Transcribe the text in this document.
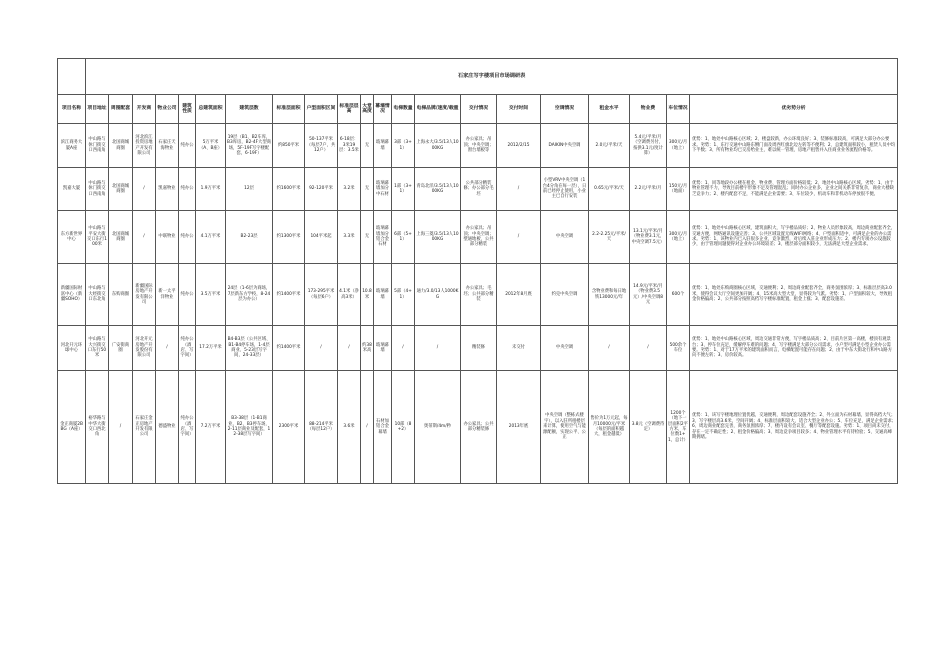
	石家庄写字楼项目市场调研表																				
项目名称	项目地址	周围配套	开发商	物业公司	建筑性质	总建筑面积	建筑层数	标准层面积	户型面积区间	标准层层高	大堂高度	幕墙情况	电梯数量	电梯品牌/速度/载重	交付情况	交付时间	空调情况	租金水平	物业费	车位情况	优劣势分析
滨江商务大厦A座	中山路与休门街交口西南角	北国商城商圈	河北滨江投资房地产开发有限公司	石家庄天海物业	纯办公	5万平米（A、B座）	19层（B1、B2车库，B3库房，B2-4F大型商场，5F-19F写字楼配套，6-19F）	约850平米	50-137平米（每层7户，共12户）	6-18层：3米19层：3.5米	无	玻璃幕墙	3部（3+1）	上海永大/3.5/13人1000KG	办公家具；吊顶；中央空调；窗台墙板等	2012/2/15	DAIKIN中央空调	2.0元/平米/天	5.4元/平米/月（空调费另付，按供3.1元/度计算）	300元/月（地上）	优势：1、地处中山路核心区域；2、楼盘较新，办公环境良好；3、装修标准较高，可满足大部分办公要求。劣势：1、东行交通中山路东侧门面及周西红旗北边左转等不便利；2、总建筑面积较小，租赁人员中均下半数；3、所有物业均已交房给业主，难以统一管理，房地产租售并入住商业业务流程价格等。
凯嘉大厦	中山路与休门街交口西南角	北国商城商圈	/	凯嘉物业	纯办公	1.9万平米	12层	约1600平米	92-120平米	3.2米	无	玻璃幕墙加分中石材	1部（3+1）	青岛北洋/3.5/13人1000KG	公共部分精装修；办公部分毛坯	/	小型VRV中央空调（1台4分角在每一层），日前已经停止使用，小业主已自行安装	0.65元/平米/天	2.2元/平米/月	150元/月（地面）	优势：1、同等地段办公楼在租金、物业费、管理方面价格较低；2、地处中山路核心区域。劣势：1、由于物业管理不力，导致目前楼宇形象不足及管理混乱；同时办公企业多，企业之间关系非常复杂，商业大楼缺乏竞争力；2、楼内配套不足，不能满足企业需要；3、车位较少，机动车和非机动车停放很不便。
东方新世界中心	中山路与平安大街交口东行100米	北国商城商圈	/	中联物业	纯办公	4.1万平米	B2-23层	约1300平米	104平米起	3.3米	无	玻璃幕墙加分铝合金石材	6部（5+1）	上海三菱/3.5/13人1000KG	办公家具；吊顶；中央空调；壁通地板，公共部分精装	/	中央空调	2.2-2.25元/平米/天	13.1元/平米/月（物业费3.1元，中央空调7.5元）	300元/月（地上）	优势：1、地处中山路核心区域，建筑面积大，写字楼品质好；2、物业人员形象较高，周边商业配套齐全，交通方便，网络通讯设施完善；3、公共区域设置无线WIFI网络；4、户型面积适中，可满足企业的办公需求。劣势：1、该物业内已入驻很多企业，竞争激烈，对后续入驻企业形成压力；2、楼内专项办公设施较少，由于管理问题使得对企业办公环境较差；3、楼层部分面积较小，无法满足大型企业需求。
新疆国际财富中心（新疆SOHO）	中山路与大经街交口东北角	东购商圈	新疆国际房地产开发有限公司	新一太平洋物业	纯办公	3.5万平米	24层（1-6层为商场，7层新东方学校，8-24层为办公）	约1400平米	173-295平米（每层6户）	4.1米（净高3米）	10.8米	玻璃幕墙	5部（4+1）	通力/3.0/13人1000KG	办公家具；毛坯；公共部分精装	2012年8月底	约克中央空调	含物业费和每日地铁13000元/年	14.9元/平米/月（物业费3.5元）/中央空调8元	600个	优势：1、地处东购商圈核心区域，交通便利；2、周边商业配套齐全，商务氛围浓厚；3、标准层层高3.0米，使得会议大厅空间更加开阔；4、15米高大型大堂，显得较为气派。劣势：1、户型面积较大，导致租金价格偏高；2、公共部分按照高档写字楼标准配置，租金上涨；3、配套设施差。
河北开元环球中心	中山路与大兴街交口东行50米	广安街商圈	河北开元房地产开发股份有限公司	/	纯办公（酒店、写字间）	17.2万平米	B4-B3层（公共区域、B1-B4停车场，1-4层商业、5-23层写字间，24-33层）	约1400平米	/	/	约38米高	玻璃幕墙	/	/	精装修	未交付	中央空调	/	/	500余个车位	优势：1、地处中山路核心区域，周边交通非常方便，写字楼品质高；2、目前片区第一高楼，楼顶有观景台；3、停车位充足，缓解停车难的问题；4、写字楼满足大部分公司需求，小户型可满足小型企业办公需要。劣势：1、对于17万平米的建筑面积而言，电梯配置可能存在问题；2、由于中东大街北行和中山路方向不便左转；3、房价较高。
金正商厦2BBG（A座）	裕华路与中华大街交口西北角	/	石家庄金正房地产开发有限公司	德盛物业	纯办公（酒店、写字间）	7.2万平米	B3-38层（1-B1商业，B2、B3停车场，2-11层商业及配套，12-38层写字间）	2300平米	88-214平米（每层12户）	3.6米	/	石材加铝合金幕墙	10部（8+2）	奥蒂斯/4m/秒	办公家具；公共部分精装修	2013年底	中央空调（整栋式楼宇），以入驻所租楼层来计算，使用空气与能源配额，实现公平、公正	售价为1万元起，每月10000元/平米（每层的面积越大，租金越低）	3.8元（空调费待定）	1200个（地下一层面积2平方米，车位数1+1，总计）	优势：1、该写字楼地理位置优越，交通便利，周边配套设施齐全；2、外立面为石材幕墙，显得高档大气；3、写字楼层高3.6米，空间开阔；4、标准层面积较大，适合大型企业办公；5、车位充足，满足企业需求；6、周边商业配套完善，商务氛围浓厚；7、楼内设有会议室、餐厅等配套设施。劣势：1、项目尚未交付，存在一定不确定性；2、租金价格偏高；3、周边竞争项目较多；4、物业管理水平有待检验；5、交通高峰期拥堵。
